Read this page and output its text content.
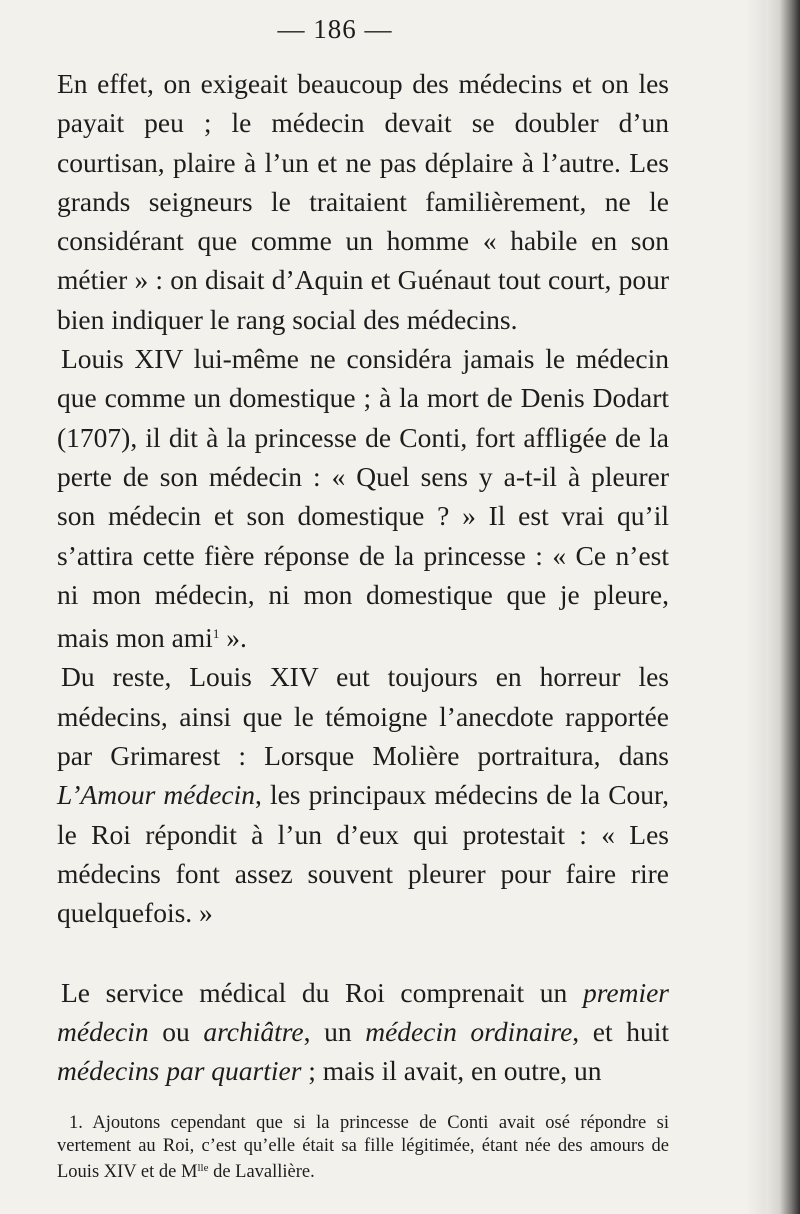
— 186 —

En effet, on exigeait beaucoup des médecins et on les payait peu ; le médecin devait se doubler d’un courtisan, plaire à l’un et ne pas déplaire à l’autre. Les grands seigneurs le traitaient familièrement, ne le considérant que comme un homme « habile en son métier » : on disait d’Aquin et Guénaut tout court, pour bien indiquer le rang social des médecins.

Louis XIV lui-même ne considéra jamais le médecin que comme un domestique ; à la mort de Denis Dodart (1707), il dit à la princesse de Conti, fort affligée de la perte de son médecin : « Quel sens y a-t-il à pleurer son médecin et son domestique ? » Il est vrai qu’il s’attira cette fière réponse de la princesse : « Ce n’est ni mon médecin, ni mon domestique que je pleure, mais mon ami$^1$ ».

Du reste, Louis XIV eut toujours en horreur les médecins, ainsi que le témoigne l’anecdote rapportée par Grimarest : Lorsque Molière portraitura, dans L’Amour médecin, les principaux médecins de la Cour, le Roi répondit à l’un d’eux qui protestait : « Les médecins font assez souvent pleurer pour faire rire quelquefois. »

Le service médical du Roi comprenait un premier médecin ou archiâtre, un médecin ordinaire, et huit médecins par quartier ; mais il avait, en outre, un

1. Ajoutons cependant que si la princesse de Conti avait osé répondre si vertement au Roi, c’est qu’elle était sa fille légitimée, étant née des amours de Louis XIV et de $M^{lle}$ de Lavallière.
